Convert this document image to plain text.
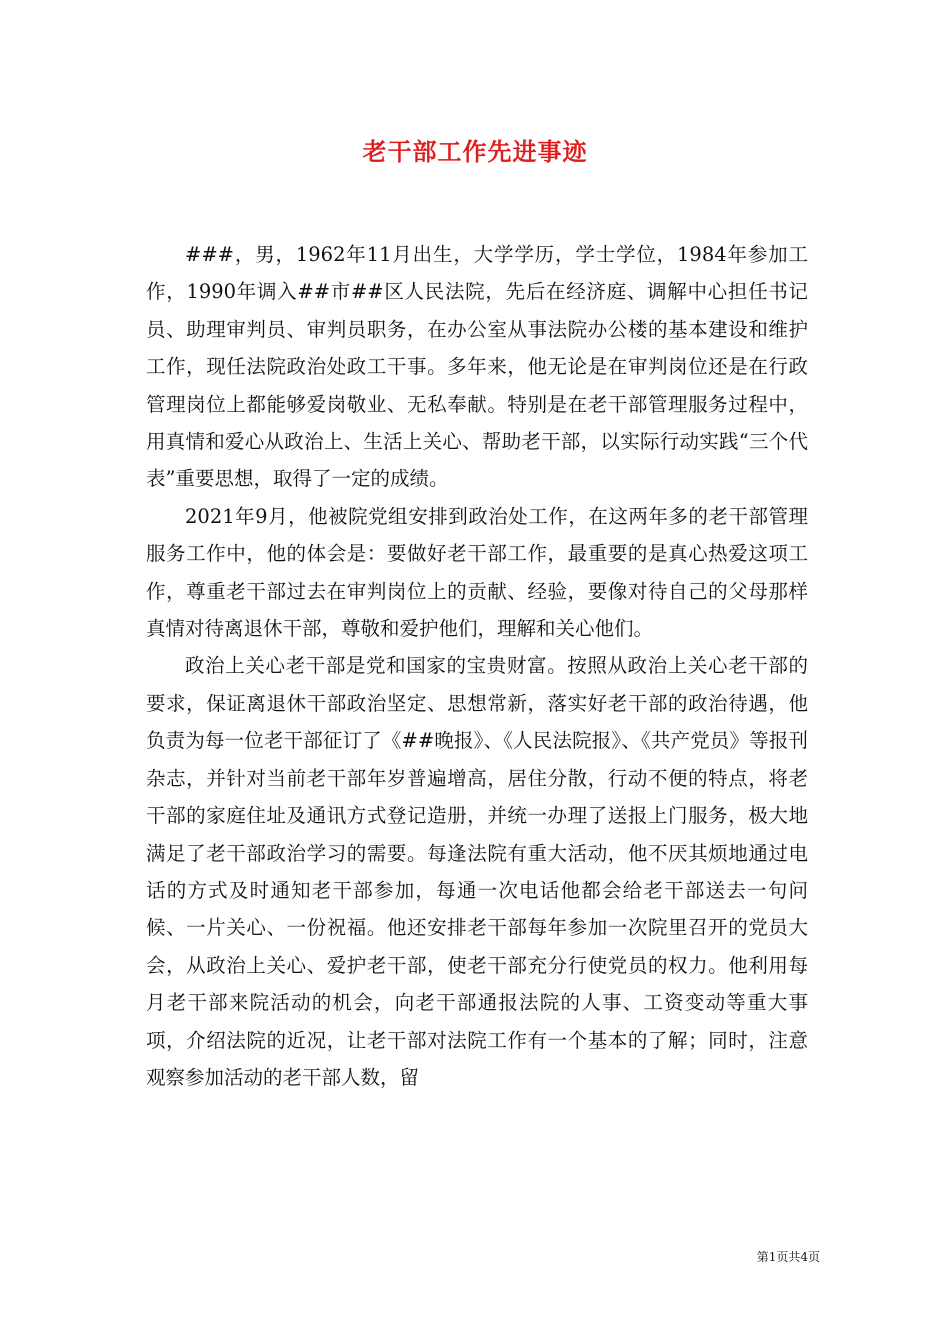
老干部工作先进事迹

###，男，1962年11月出生，大学学历，学士学位，1984年参加工作，1990年调入##市##区人民法院，先后在经济庭、调解中心担任书记员、助理审判员、审判员职务，在办公室从事法院办公楼的基本建设和维护工作，现任法院政治处政工干事。多年来，他无论是在审判岗位还是在行政管理岗位上都能够爱岗敬业、无私奉献。特别是在老干部管理服务过程中，用真情和爱心从政治上、生活上关心、帮助老干部，以实际行动实践“三个代表”重要思想，取得了一定的成绩。

2021年9月，他被院党组安排到政治处工作，在这两年多的老干部管理服务工作中，他的体会是：要做好老干部工作，最重要的是真心热爱这项工作，尊重老干部过去在审判岗位上的贡献、经验，要像对待自己的父母那样真情对待离退休干部，尊敬和爱护他们，理解和关心他们。

政治上关心老干部是党和国家的宝贵财富。按照从政治上关心老干部的要求，保证离退休干部政治坚定、思想常新，落实好老干部的政治待遇，他负责为每一位老干部征订了《##晚报》、《人民法院报》、《共产党员》等报刊杂志，并针对当前老干部年岁普遍增高，居住分散，行动不便的特点，将老干部的家庭住址及通讯方式登记造册，并统一办理了送报上门服务，极大地满足了老干部政治学习的需要。每逢法院有重大活动，他不厌其烦地通过电话的方式及时通知老干部参加，每通一次电话他都会给老干部送去一句问候、一片关心、一份祝福。他还安排老干部每年参加一次院里召开的党员大会，从政治上关心、爱护老干部，使老干部充分行使党员的权力。他利用每月老干部来院活动的机会，向老干部通报法院的人事、工资变动等重大事项，介绍法院的近况，让老干部对法院工作有一个基本的了解；同时，注意观察参加活动的老干部人数，留

第1页共4页
